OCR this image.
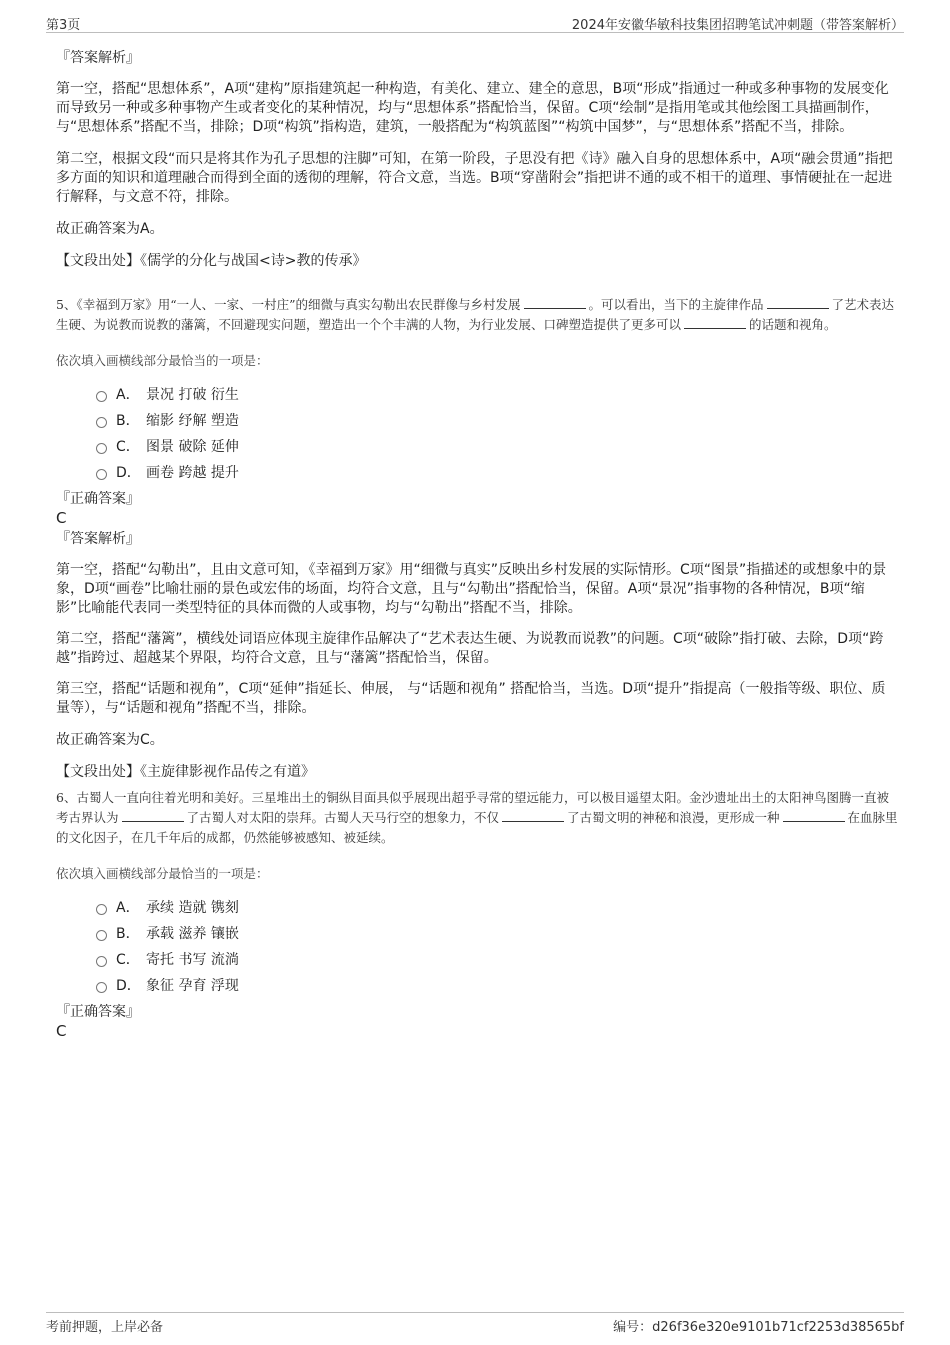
第3页	2024年安徽华敏科技集团招聘笔试冲刺题（带答案解析）

『答案解析』

第一空，搭配“思想体系”，A项“建构”原指建筑起一种构造，有美化、建立、建全的意思，B项“形成”指通过一种或多种事物的发展变化而导致另一种或多种事物产生或者变化的某种情况，均与“思想体系”搭配恰当，保留。C项“绘制”是指用笔或其他绘图工具描画制作，与“思想体系”搭配不当，排除；D项“构筑”指构造，建筑，一般搭配为“构筑蓝图”“构筑中国梦”，与“思想体系”搭配不当，排除。

第二空，根据文段“而只是将其作为孔子思想的注脚”可知，在第一阶段，子思没有把《诗》融入自身的思想体系中，A项“融会贯通”指把多方面的知识和道理融合而得到全面的透彻的理解，符合文意，当选。B项“穿凿附会”指把讲不通的或不相干的道理、事情硬扯在一起进行解释，与文意不符，排除。

故正确答案为A。

【文段出处】《儒学的分化与战国<诗>教的传承》

5、《幸福到万家》用“一人、一家、一村庄”的细微与真实勾勒出农民群像与乡村发展	。可以看出，当下的主旋律作品	了艺术表达生硬、为说教而说教的藩篱，不回避现实问题，塑造出一个个丰满的人物，为行业发展、口碑塑造提供了更多可以	的话题和视角。

依次填入画横线部分最恰当的一项是：

A． 景况 打破 衍生
B． 缩影 纾解 塑造
C． 图景 破除 延伸
D． 画卷 跨越 提升

『正确答案』

C

『答案解析』

第一空，搭配“勾勒出”，且由文意可知，《幸福到万家》用“细微与真实”反映出乡村发展的实际情形。C项“图景”指描述的或想象中的景象，D项“画卷”比喻壮丽的景色或宏伟的场面，均符合文意，且与“勾勒出”搭配恰当，保留。A项“景况”指事物的各种情况，B项“缩影”比喻能代表同一类型特征的具体而微的人或事物，均与“勾勒出”搭配不当，排除。

第二空，搭配“藩篱”，横线处词语应体现主旋律作品解决了“艺术表达生硬、为说教而说教”的问题。C项“破除”指打破、去除，D项“跨越”指跨过、超越某个界限，均符合文意，且与“藩篱”搭配恰当，保留。

第三空，搭配“话题和视角”，C项“延伸”指延长、伸展， 与“话题和视角” 搭配恰当，当选。D项“提升”指提高（一般指等级、职位、质量等），与“话题和视角”搭配不当，排除。

故正确答案为C。

【文段出处】《主旋律影视作品传之有道》

6、古蜀人一直向往着光明和美好。三星堆出土的铜纵目面具似乎展现出超乎寻常的望远能力，可以极目遥望太阳。金沙遗址出土的太阳神鸟图腾一直被考古界认为	了古蜀人对太阳的崇拜。古蜀人天马行空的想象力，不仅	了古蜀文明的神秘和浪漫，更形成一种	在血脉里的文化因子，在几千年后的成都，仍然能够被感知、被延续。

依次填入画横线部分最恰当的一项是：

A． 承续 造就 镌刻
B． 承载 滋养 镶嵌
C． 寄托 书写 流淌
D． 象征 孕育 浮现

『正确答案』

C

考前押题，上岸必备	编号：d26f36e320e9101b71cf2253d38565bf
